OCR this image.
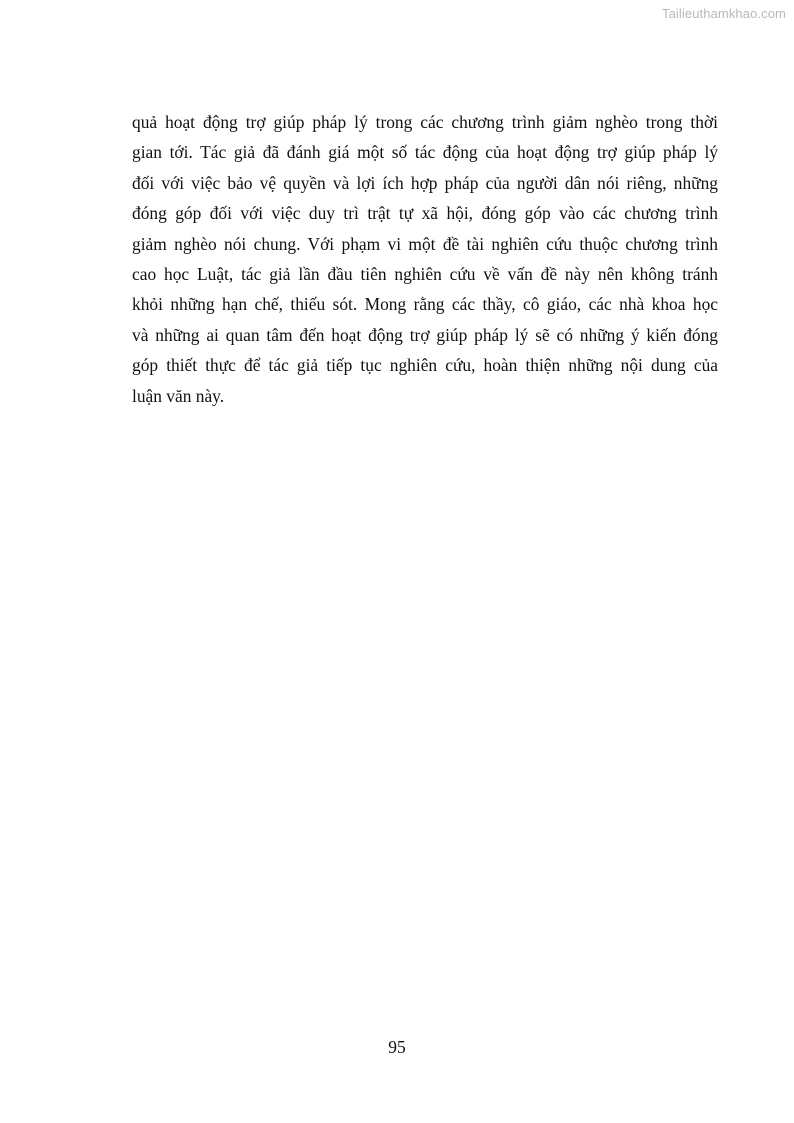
Tailieuthamkhao.com
quả hoạt động trợ giúp pháp lý trong các chương trình giảm nghèo trong thời
gian tới. Tác giả đã đánh giá một số tác động của hoạt động trợ giúp pháp lý
đối với việc bảo vệ quyền và lợi ích hợp pháp của người dân nói riêng, những
đóng góp đối với việc duy trì trật tự xã hội, đóng góp vào các chương trình
giảm nghèo nói chung. Với phạm vi một đề tài nghiên cứu thuộc chương trình
cao học Luật, tác giả lần đầu tiên nghiên cứu về vấn đề này nên không tránh
khỏi những hạn chế, thiếu sót. Mong rằng các thầy, cô giáo, các nhà khoa học
và những ai quan tâm đến hoạt động trợ giúp pháp lý sẽ có những ý kiến đóng
góp thiết thực để tác giả tiếp tục nghiên cứu, hoàn thiện những nội dung của
luận văn này.
95
